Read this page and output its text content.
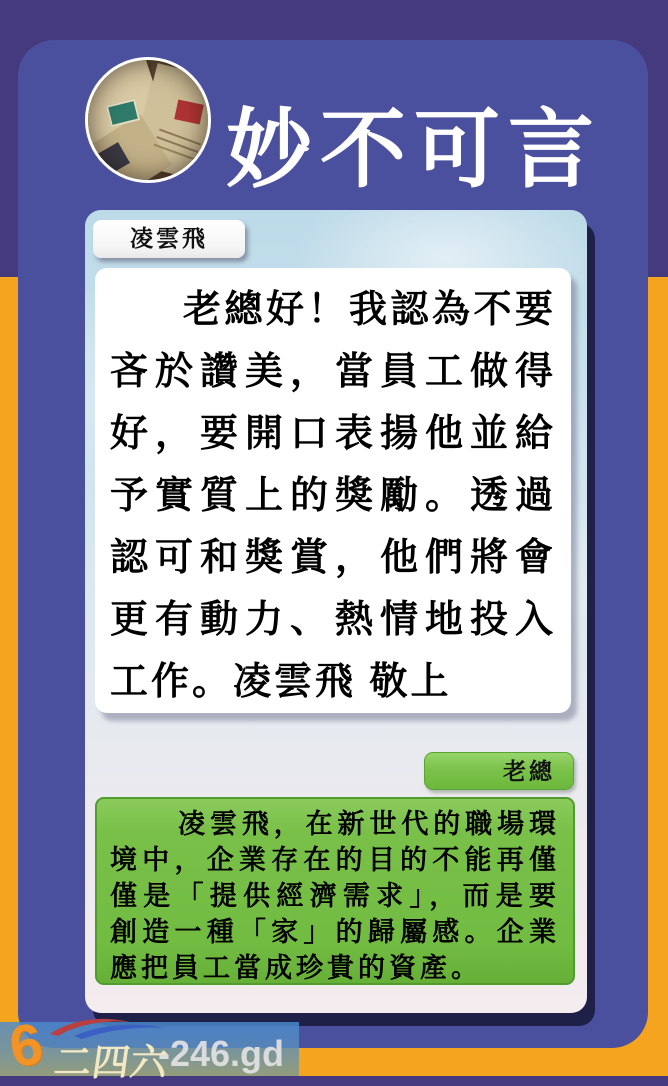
妙不可言
凌雲飛
老總好！我認為不要
吝於讚美，當員工做得
好，要開口表揚他並給
予實質上的獎勵。透過
認可和獎賞，他們將會
更有動力、熱情地投入
工作。凌雲飛 敬上
老總
凌雲飛，在新世代的職場環
境中，企業存在的目的不能再僅
僅是「提供經濟需求」，而是要
創造一種「家」的歸屬感。企業
應把員工當成珍貴的資產。
6 二四六
-246.gd
